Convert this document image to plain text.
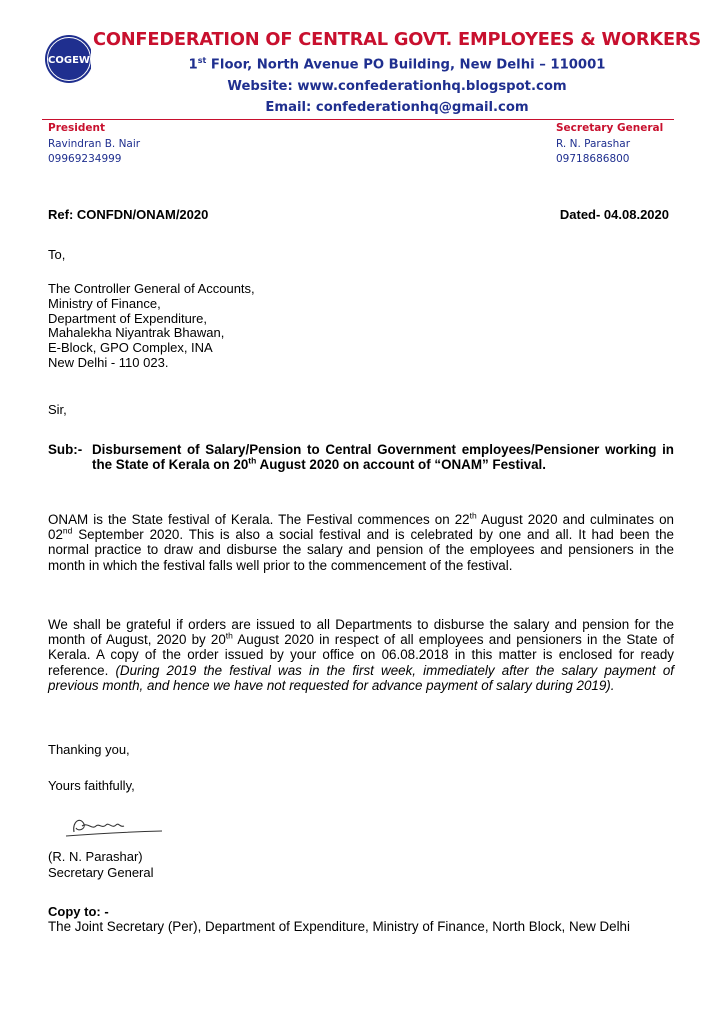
COGEW
CONFEDERATION OF CENTRAL GOVT. EMPLOYEES & WORKERS
1st Floor, North Avenue PO Building, New Delhi – 110001
Website: www.confederationhq.blogspot.com
Email: confederationhq@gmail.com
President
Ravindran B. Nair
09969234999
Secretary General
R. N. Parashar
09718686800
Ref: CONFDN/ONAM/2020	Dated- 04.08.2020
To,
The Controller General of Accounts,
Ministry of Finance,
Department of Expenditure,
Mahalekha Niyantrak Bhawan,
E-Block, GPO Complex, INA
New Delhi - 110 023.
Sir,
Sub:- Disbursement of Salary/Pension to Central Government employees/Pensioner working in the State of Kerala on 20th August 2020 on account of “ONAM” Festival.
ONAM is the State festival of Kerala. The Festival commences on 22th August 2020 and culminates on 02nd September 2020. This is also a social festival and is celebrated by one and all. It had been the normal practice to draw and disburse the salary and pension of the employees and pensioners in the month in which the festival falls well prior to the commencement of the festival.
We shall be grateful if orders are issued to all Departments to disburse the salary and pension for the month of August, 2020 by 20th August 2020 in respect of all employees and pensioners in the State of Kerala. A copy of the order issued by your office on 06.08.2018 in this matter is enclosed for ready reference. (During 2019 the festival was in the first week, immediately after the salary payment of previous month, and hence we have not requested for advance payment of salary during 2019).
Thanking you,
Yours faithfully,
(R. N. Parashar)
Secretary General
Copy to: -
The Joint Secretary (Per), Department of Expenditure, Ministry of Finance, North Block, New Delhi
